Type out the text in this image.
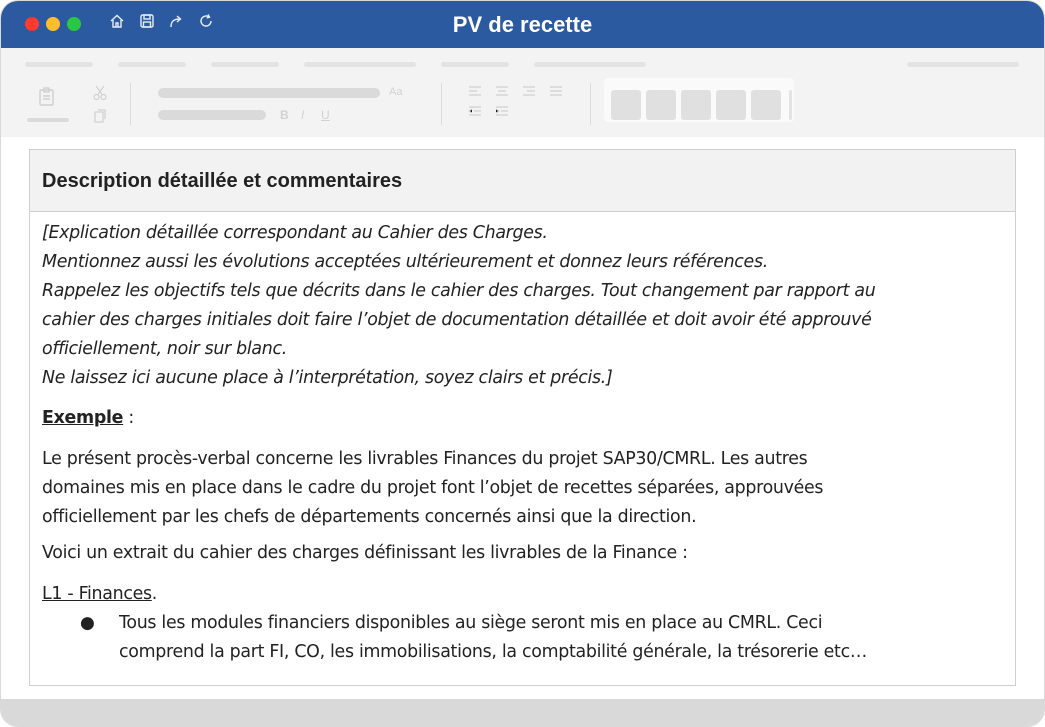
PV de recette
Aa
B I U
Description détaillée et commentaires
[Explication détaillée correspondant au Cahier des Charges.
Mentionnez aussi les évolutions acceptées ultérieurement et donnez leurs références.
Rappelez les objectifs tels que décrits dans le cahier des charges. Tout changement par rapport au
cahier des charges initiales doit faire l’objet de documentation détaillée et doit avoir été approuvé
officiellement, noir sur blanc.
Ne laissez ici aucune place à l’interprétation, soyez clairs et précis.]
Exemple :
Le présent procès-verbal concerne les livrables Finances du projet SAP30/CMRL. Les autres
domaines mis en place dans le cadre du projet font l’objet de recettes séparées, approuvées
officiellement par les chefs de départements concernés ainsi que la direction.
Voici un extrait du cahier des charges définissant les livrables de la Finance :
L1 - Finances.
● Tous les modules financiers disponibles au siège seront mis en place au CMRL. Ceci
comprend la part FI, CO, les immobilisations, la comptabilité générale, la trésorerie etc…
